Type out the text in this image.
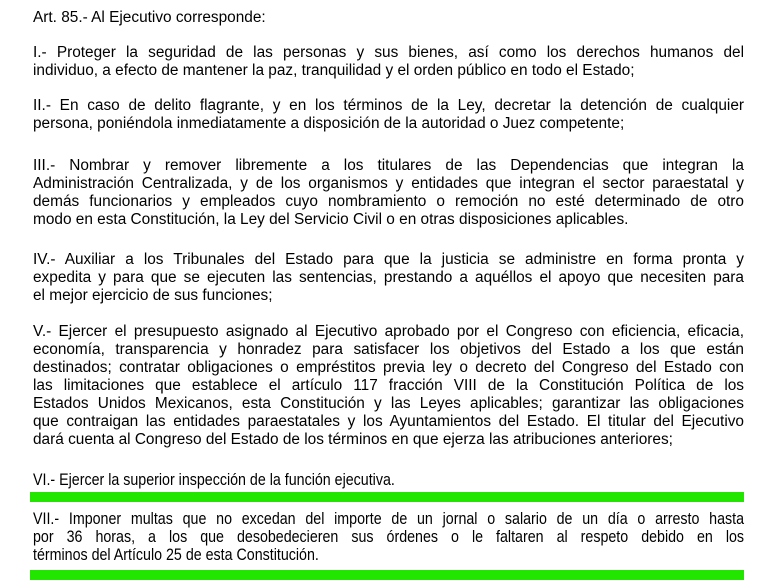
Art. 85.- Al Ejecutivo corresponde:
I.- Proteger la seguridad de las personas y sus bienes, así como los derechos humanos del
individuo, a efecto de mantener la paz, tranquilidad y el orden público en todo el Estado;
II.- En caso de delito flagrante, y en los términos de la Ley, decretar la detención de cualquier
persona, poniéndola inmediatamente a disposición de la autoridad o Juez competente;
III.- Nombrar y remover libremente a los titulares de las Dependencias que integran la
Administración Centralizada, y de los organismos y entidades que integran el sector paraestatal y
demás funcionarios y empleados cuyo nombramiento o remoción no esté determinado de otro
modo en esta Constitución, la Ley del Servicio Civil o en otras disposiciones aplicables.
IV.- Auxiliar a los Tribunales del Estado para que la justicia se administre en forma pronta y
expedita y para que se ejecuten las sentencias, prestando a aquéllos el apoyo que necesiten para
el mejor ejercicio de sus funciones;
V.- Ejercer el presupuesto asignado al Ejecutivo aprobado por el Congreso con eficiencia, eficacia,
economía, transparencia y honradez para satisfacer los objetivos del Estado a los que están
destinados; contratar obligaciones o empréstitos previa ley o decreto del Congreso del Estado con
las limitaciones que establece el artículo 117 fracción VIII de la Constitución Política de los
Estados Unidos Mexicanos, esta Constitución y las Leyes aplicables; garantizar las obligaciones
que contraigan las entidades paraestatales y los Ayuntamientos del Estado. El titular del Ejecutivo
dará cuenta al Congreso del Estado de los términos en que ejerza las atribuciones anteriores;
VI.- Ejercer la superior inspección de la función ejecutiva.
VII.- Imponer multas que no excedan del importe de un jornal o salario de un día o arresto hasta
por 36 horas, a los que desobedecieren sus órdenes o le faltaren al respeto debido en los
términos del Artículo 25 de esta Constitución.
